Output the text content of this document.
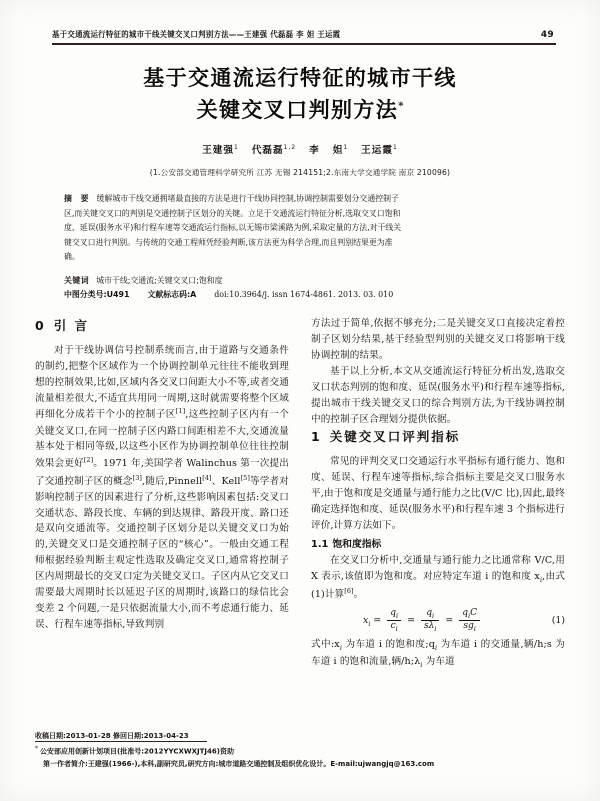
基于交通流运行特征的城市干线关键交叉口判别方法——王建强 代磊磊 李 妲 王运霞	49
基于交通流运行特征的城市干线
关键交叉口判别方法*
王建强$^1$ 代磊磊$^{1,2}$ 李 妲$^1$ 王运霞$^1$
(1.公安部交通管理科学研究所 江苏 无锡 214151;2.东南大学交通学院 南京 210096)
摘 要 缓解城市干线交通拥堵最直接的方法是进行干线协同控制,协调控制需要划分交通控制子
区,而关键交叉口的判别是交通控制子区划分的关键。立足于交通流运行特征分析,选取交叉口饱和
度、延误(服务水平)和行程车速等交通流运行指标,以无锡市梁溪路为例,采取定量的方法,对干线关
键交叉口进行判别。与传统的交通工程师凭经验判断,该方法更为科学合理,而且判别结果更为准
确。
关键词 城市干线;交通流;关键交叉口;饱和度
中图分类号:U491 文献标志码:A doi:10.3964/j. issn 1674-4861. 2013. 03. 010
0 引 言

对于干线协调信号控制系统而言,由于道路与交通条件的制约,把整个区域作为一个协调控制单元往往不能收到理想的控制效果,比如,区域内各交叉口间距大小不等,或者交通流量相差很大,不适宜共用同一周期,这时就需要将整个区域再细化分成若干个小的控制子区[1],这些控制子区内有一个关键交叉口,在同一控制子区内路口间距相差不大,交通流量基本处于相同等级,以这些小区作为协调控制单位往往控制效果会更好[2]。1971 年,美国学者 Walinchus 第一次提出了交通控制子区的概念[3],随后,Pinnell[4]、Kell[5]等学者对影响控制子区的因素进行了分析,这些影响因素包括:交叉口交通状态、路段长度、车辆的到达规律、路段开度、路口还是双向交通流等。交通控制子区划分是以关键交叉口为始的,关键交叉口是交通控制子区的“核心”。一般由交通工程师根据经验判断主观定性选取及确定交叉口,通常将控制子区内周期最长的交叉口定为关键交叉口。子区内从它交叉口需要最大周期时长以延迟子区的周期时,该路口的绿信比会变差 2 个问题,一是只依据流量大小,而不考虑通行能力、延误、行程车速等指标,导致判别

方法过于简单,依据不够充分;二是关键交叉口直接决定着控制子区划分结果,基于经验型判别的关键交叉口将影响干线协调控制的结果。

基于以上分析,本文从交通流运行特征分析出发,选取交叉口状态判别的饱和度、延误(服务水平)和行程车速等指标,提出城市干线关键交叉口的综合判别方法,为干线协调控制中的控制子区合理划分提供依据。

1 关键交叉口评判指标

常见的评判交叉口交通运行水平指标有通行能力、饱和度、延误、行程车速等指标,综合指标主要是交叉口服务水平,由于饱和度是交通量与通行能力之比(V/C 比),因此,最终确定选择饱和度、延误(服务水平)和行程车速 3 个指标进行评价,计算方法如下。

1.1 饱和度指标

在交叉口分析中,交通量与通行能力之比通常称 V/C,用 X 表示,该值即为饱和度。对应特定车道 i 的饱和度 $x_i$,由式(1)计算[6]。

$x_i = \frac{q_i}{c_i} = \frac{q_i}{s\lambda_i} = \frac{q_iC}{sg_i}$	(1)

式中$:x_i$ 为车道 i 的饱和度$;q_i$ 为车道 i 的交通量,辆/h;s 为车道 i 的饱和流量,辆$/h;\lambda_i$ 为车道

收稿日期:2013-01-28 修回日期:2013-04-23
* 公安部应用创新计划项目(批准号:2012YYCXWXJTJ46)资助
第一作者简介:王建强(1966-),本科,副研究员,研究方向:城市道路交通控制及组织优化设计。E-mail:ujwangjq@163.com
